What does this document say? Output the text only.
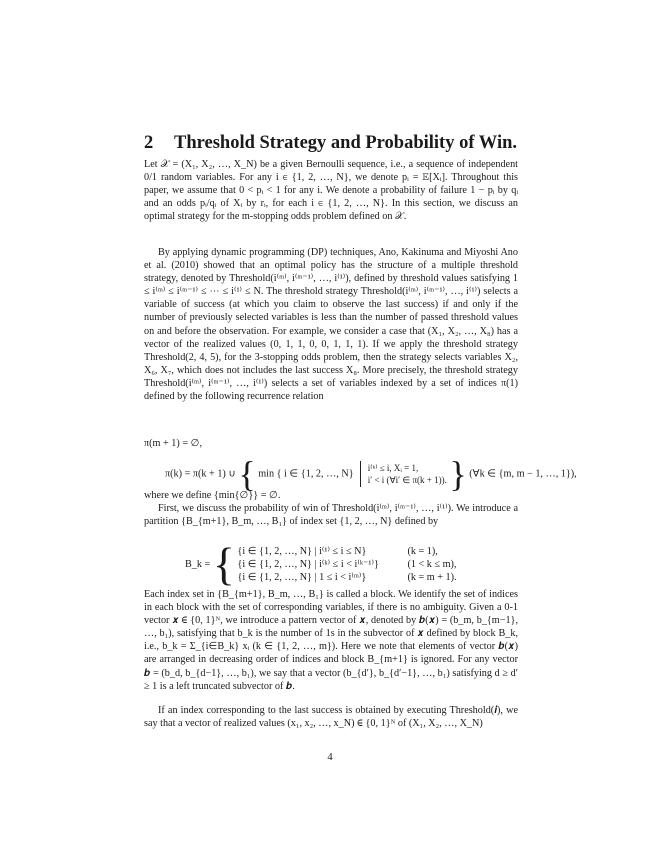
2 Threshold Strategy and Probability of Win.
Let 𝒳 = (X₁, X₂, …, X_N) be a given Bernoulli sequence, i.e., a sequence of independent 0/1 random variables. For any i ∈ {1, 2, …, N}, we denote pᵢ = 𝔼[Xᵢ]. Throughout this paper, we assume that 0 < pᵢ < 1 for any i. We denote a probability of failure 1 − pᵢ by qᵢ and an odds pᵢ/qᵢ of Xᵢ by rᵢ, for each i ∈ {1, 2, …, N}. In this section, we discuss an optimal strategy for the m-stopping odds problem defined on 𝒳.
By applying dynamic programming (DP) techniques, Ano, Kakinuma and Miyoshi Ano et al. (2010) showed that an optimal policy has the structure of a multiple threshold strategy, denoted by Threshold(i⁽ᵐ⁾, i⁽ᵐ⁻¹⁾, …, i⁽¹⁾), defined by threshold values satisfying 1 ≤ i⁽ᵐ⁾ ≤ i⁽ᵐ⁻¹⁾ ≤ ⋯ ≤ i⁽¹⁾ ≤ N. The threshold strategy Threshold(i⁽ᵐ⁾, i⁽ᵐ⁻¹⁾, …, i⁽¹⁾) selects a variable of success (at which you claim to observe the last success) if and only if the number of previously selected variables is less than the number of passed threshold values on and before the observation. For example, we consider a case that (X₁, X₂, …, X₈) has a vector of the realized values (0, 1, 1, 0, 0, 1, 1, 1). If we apply the threshold strategy Threshold(2, 4, 5), for the 3-stopping odds problem, then the strategy selects variables X₂, X₆, X₇, which does not includes the last success X₈. More precisely, the threshold strategy Threshold(i⁽ᵐ⁾, i⁽ᵐ⁻¹⁾, …, i⁽¹⁾) selects a set of variables indexed by a set of indices π(1) defined by the following recurrence relation
π(m + 1) = ∅,
π(k) = π(k + 1) ∪ { min { i ∈ {1, 2, …, N}
i⁽ᵏ⁾ ≤ i, Xᵢ = 1,
i′ < i (∀i′ ∈ π(k + 1)). } (∀k ∈ {m, m − 1, …, 1}),
where we define {min{∅}} = ∅.
First, we discuss the probability of win of Threshold(i⁽ᵐ⁾, i⁽ᵐ⁻¹⁾, …, i⁽¹⁾). We introduce a partition {B_{m+1}, B_m, …, B₁} of index set {1, 2, …, N} defined by
B_k = { {i ∈ {1, 2, …, N} | i⁽¹⁾ ≤ i ≤ N}	(k = 1),
{i ∈ {1, 2, …, N} | i⁽ᵏ⁾ ≤ i < i⁽ᵏ⁻¹⁾}	(1 < k ≤ m),
{i ∈ {1, 2, …, N} | 1 ≤ i < i⁽ᵐ⁾}	(k = m + 1).
Each index set in {B_{m+1}, B_m, …, B₁} is called a block. We identify the set of indices in each block with the set of corresponding variables, if there is no ambiguity. Given a 0-1 vector 𝒙 ∈ {0, 1}ᴺ, we introduce a pattern vector of 𝒙, denoted by 𝒃(𝒙) = (b_m, b_{m−1}, …, b₁), satisfying that b_k is the number of 1s in the subvector of 𝒙 defined by block B_k, i.e., b_k = Σ_{i∈B_k} xᵢ (k ∈ {1, 2, …, m}). Here we note that elements of vector 𝒃(𝒙) are arranged in decreasing order of indices and block B_{m+1} is ignored. For any vector 𝒃 = (b_d, b_{d−1}, …, b₁), we say that a vector (b_{d′}, b_{d′−1}, …, b₁) satisfying d ≥ d′ ≥ 1 is a left truncated subvector of 𝒃.
If an index corresponding to the last success is obtained by executing Threshold(𝒊), we say that a vector of realized values (x₁, x₂, …, x_N) ∈ {0, 1}ᴺ of (X₁, X₂, …, X_N)
4
